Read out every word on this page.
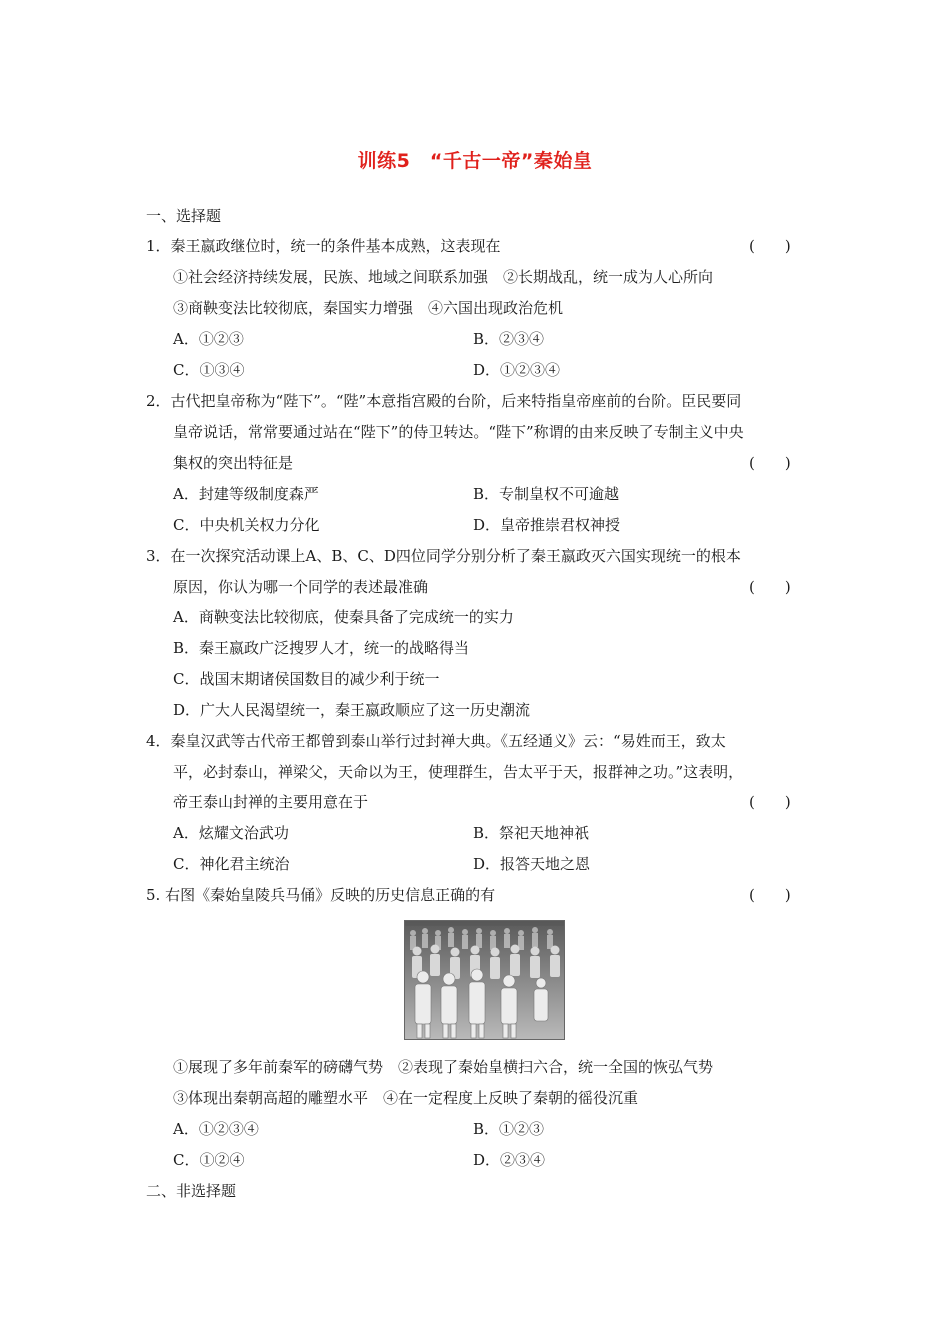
训练5　“千古一帝”秦始皇
一、选择题
1．秦王嬴政继位时，统一的条件基本成熟，这表现在	(　　)
①社会经济持续发展，民族、地域之间联系加强　②长期战乱，统一成为人心所向
③商鞅变法比较彻底，秦国实力增强　④六国出现政治危机
A．①②③	B．②③④
C．①③④	D．①②③④
2．古代把皇帝称为“陛下”。“陛”本意指宫殿的台阶，后来特指皇帝座前的台阶。臣民要同
皇帝说话，常常要通过站在“陛下”的侍卫转达。“陛下”称谓的由来反映了专制主义中央
集权的突出特征是	(　　)
A．封建等级制度森严	B．专制皇权不可逾越
C．中央机关权力分化	D．皇帝推崇君权神授
3．在一次探究活动课上A、B、C、D四位同学分别分析了秦王嬴政灭六国实现统一的根本
原因，你认为哪一个同学的表述最准确	(　　)
A．商鞅变法比较彻底，使秦具备了完成统一的实力
B．秦王嬴政广泛搜罗人才，统一的战略得当
C．战国末期诸侯国数目的减少利于统一
D．广大人民渴望统一，秦王嬴政顺应了这一历史潮流
4．秦皇汉武等古代帝王都曾到泰山举行过封禅大典。《五经通义》云：“易姓而王，致太
平，必封泰山，禅梁父，天命以为王，使理群生，告太平于天，报群神之功。”这表明，
帝王泰山封禅的主要用意在于	(　　)
A．炫耀文治武功	B．祭祀天地神祇
C．神化君主统治	D．报答天地之恩
5. 右图《秦始皇陵兵马俑》反映的历史信息正确的有	(　　)
①展现了多年前秦军的磅礴气势　②表现了秦始皇横扫六合，统一全国的恢弘气势
③体现出秦朝高超的雕塑水平　④在一定程度上反映了秦朝的徭役沉重
A．①②③④	B．①②③
C．①②④	D．②③④
二、非选择题
